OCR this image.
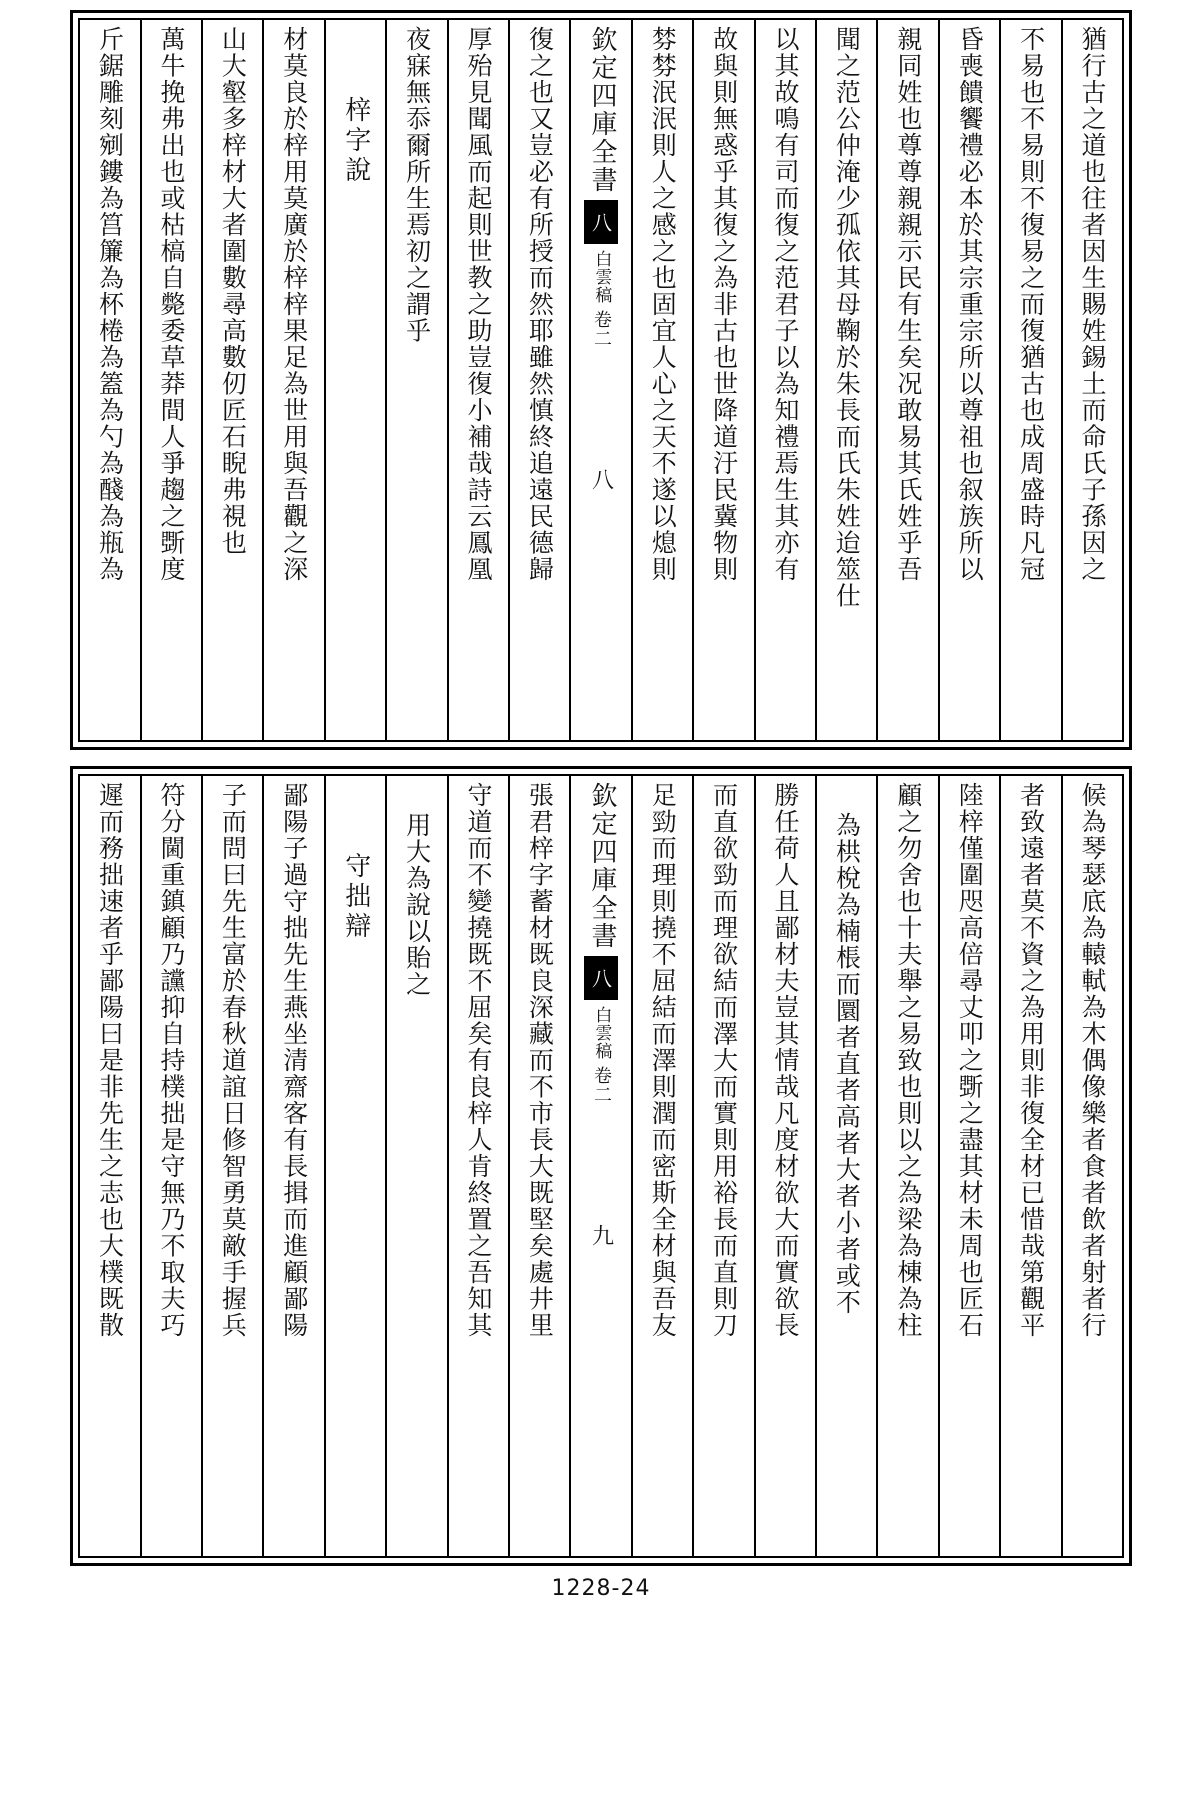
猶行古之道也往者因生賜姓錫土而命氏子孫因之
不易也不易則不復易之而復猶古也成周盛時凡冠
昏喪饋饗禮必本於其宗重宗所以尊祖也叙族所以
親同姓也尊尊親親示民有生矣况敢易其氏姓乎吾
聞之范公仲淹少孤依其母鞠於朱長而氏朱姓迨筮仕
以其故鳴有司而復之范君子以為知禮焉生其亦有
故與則無惑乎其復之為非古也世降道汙民冀物則
棼棼泯泯則人之感之也固宜人心之天不遂以熄則
欽定四庫全書
八
白雲稿
卷二
八
復之也又豈必有所授而然耶雖然慎終追遠民德歸
厚殆見聞風而起則世教之助豈復小補哉詩云鳳凰
夜寐無忝爾所生焉初之謂乎
梓字說
材莫良於梓用莫廣於梓梓果足為世用與吾觀之深
山大壑多梓材大者圍數尋高數仞匠石睨弗視也
萬牛挽弗出也或枯槁自斃委草莽間人爭趨之斲度
斤鋸雕刻剜鏤為筥簾為杯棬為篕為勺為醆為瓶為
候為琴瑟底為轅軾為木偶像樂者食者飲者射者行
者致遠者莫不資之為用則非復全材已惜哉第觀平
陸梓僅圍咫高倍尋丈叩之斲之盡其材未周也匠石
顧之勿舍也十夫舉之易致也則以之為梁為棟為柱
為栱梲為楠棖而圜者直者高者大者小者或不
勝任荷人且鄙材夫豈其情哉凡度材欲大而實欲長
而直欲勁而理欲結而澤大而實則用裕長而直則刀
足勁而理則撓不屈結而澤則潤而密斯全材與吾友
欽定四庫全書
八
白雲稿
卷二
九
張君梓字蓄材既良深藏而不市長大既堅矣處井里
守道而不變撓既不屈矣有良梓人肯終置之吾知其
用大為說以貽之
守拙辯
鄙陽子過守拙先生燕坐清齋客有長揖而進顧鄙陽
子而問曰先生富於春秋道誼日修智勇莫敵手握兵
符分閫重鎮顧乃讜抑自持樸拙是守無乃不取夫巧
遲而務拙速者乎鄙陽曰是非先生之志也大樸既散
1228-24
